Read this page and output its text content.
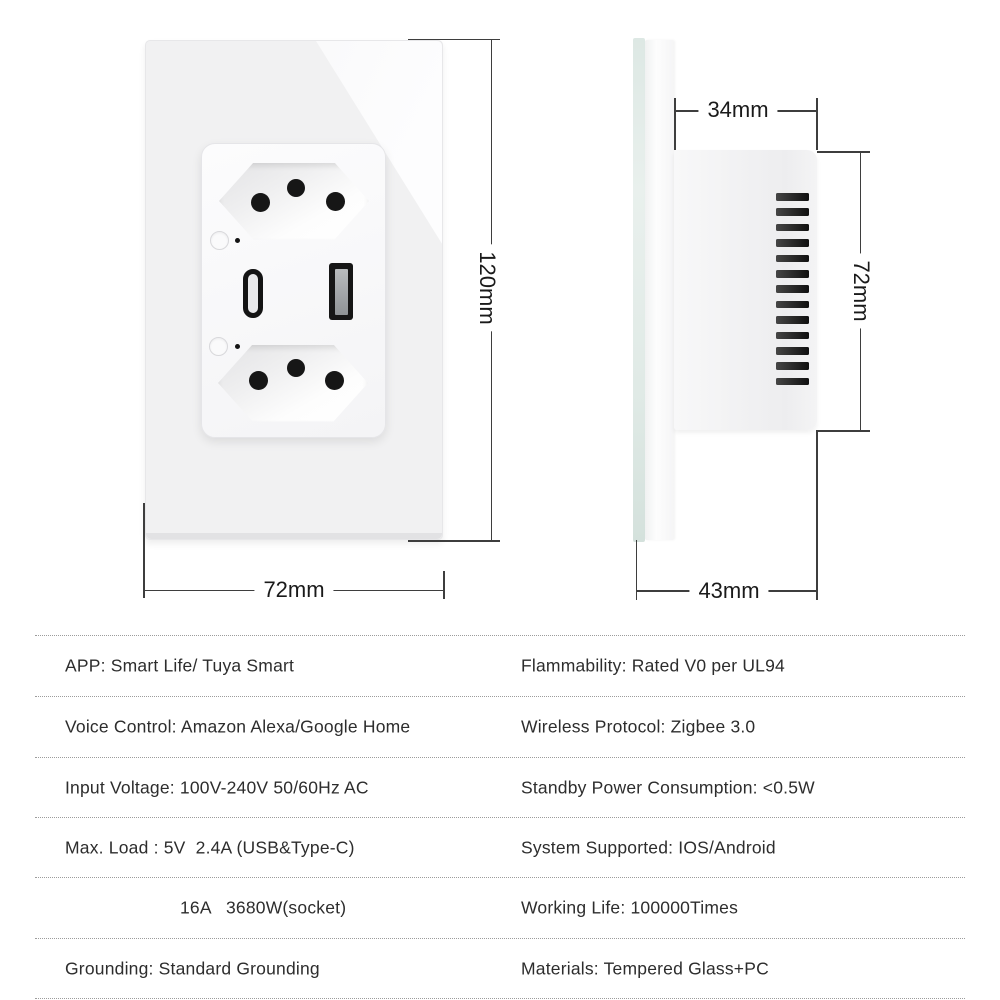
120mm
72mm
34mm
72mm
43mm
APP: Smart Life/ Tuya Smart	Flammability: Rated V0 per UL94
Voice Control: Amazon Alexa/Google Home	Wireless Protocol: Zigbee 3.0
Input Voltage: 100V-240V 50/60Hz AC	Standby Power Consumption: <0.5W
Max. Load : 5V  2.4A (USB&Type-C)	System Supported: IOS/Android
16A   3680W(socket)	Working Life: 100000Times
Grounding: Standard Grounding	Materials: Tempered Glass+PC
